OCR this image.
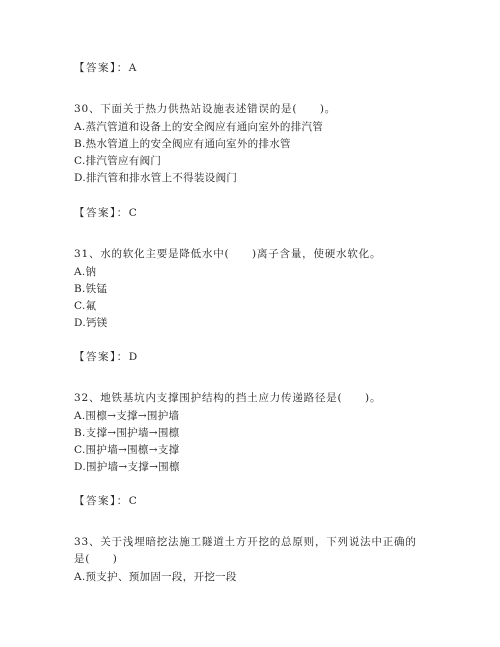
【答案】：A
30、下面关于热力供热站设施表述错误的是(　　)。
A.蒸汽管道和设备上的安全阀应有通向室外的排汽管
B.热水管道上的安全阀应有通向室外的排水管
C.排汽管应有阀门
D.排汽管和排水管上不得装设阀门
【答案】：C
31、水的软化主要是降低水中(　　)离子含量，使硬水软化。
A.钠
B.铁锰
C.氟
D.钙镁
【答案】：D
32、地铁基坑内支撑围护结构的挡土应力传递路径是(　　)。
A.围檩→支撑→围护墙
B.支撑→围护墙→围檩
C.围护墙→围檩→支撑
D.围护墙→支撑→围檩
【答案】：C
33、关于浅埋暗挖法施工隧道土方开挖的总原则，下列说法中正确的
是(　　)
A.预支护、预加固一段，开挖一段
